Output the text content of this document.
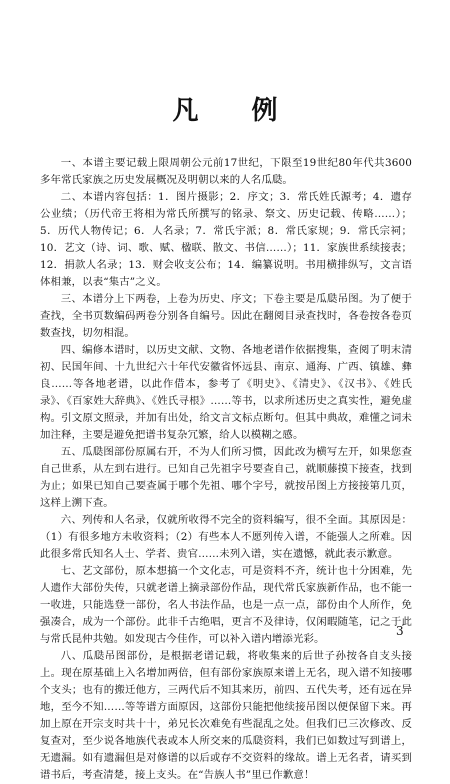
凡 例

一、本谱主要记载上限周朝公元前17世纪，下限至19世纪80年代共3600多年常氏家族之历史发展概况及明朝以来的人名瓜瓞。

二、本谱内容包括：1．图片摄影；2．序文；3．常氏姓氏源考；4．遗存公业绩；（历代帝王将相为常氏所撰写的铭录、祭文、历史记载、传略……）；5．历代人物传记；6．人名录；7．常氏宇派；8．常氏家规；9．常氏宗祠；10．艺文（诗、词、歌、赋、楹联、散文、书信……）；11．家族世系续接表；12．捐款人名录；13．财会收支公布；14．编纂说明。书用横排纵写，文言语体相兼，以表“集古”之义。

三、本谱分上下两卷，上卷为历史、序文；下卷主要是瓜瓞吊图。为了便于查找，全书页数编码两卷分别各自编号。因此在翻阅目录查找时，各卷按各卷页数查找，切勿相混。

四、编修本谱时，以历史文献、文物、各地老谱作依据搜集，查阅了明末清初、民国年间、十九世纪六十年代安徽省怀远县、南京、通海、广西、镇雄、彝良……等各地老谱，以此作借本，参考了《明史》、《清史》、《汉书》、《姓氏录》、《百家姓大辞典》、《姓氏寻根》……等书，以求所述历史之真实性，避免虚构。引文原文照录，并加有出处，给文言文标点断句。但其中典故，难懂之词未加注释，主要是避免把谱书复杂冗繁，给人以模糊之感。

五、瓜瓞图部份原属右开，不为人们所习惯，因此改为横写左开，如果您查自己世系，从左到右进行。已知自己先祖字号要查自己，就顺藤摸下接查，找到为止；如果已知自己要查属于哪个先祖、哪个字号，就按吊图上方接接第几页，这样上溯下查。

六、列传和人名录，仅就所收得不完全的资料编写，很不全面。其原因是：（1）有很多地方未收资料；（2）有些本人不愿列传入谱，不能强人之所难。因此很多常氏知名人士、学者、贵官……未列入谱，实在遗憾，就此表示歉意。

七、艺文部份，原本想搞一个文化志，可是资料不齐，统计也十分困难，先人遗作大部份失传，只就老谱上摘录部份作品，现代常氏家族新作品，也不能一一收进，只能选登一部份，名人书法作品，也是一点一点，部份由个人所作，免强凑合，成为一个部份。此非千古绝唱，更言不及律诗，仅闲暇随笔，记之于此与常氏昆仲共勉。如发现古今佳作，可以补入谱内增添光彩。

八、瓜瓞吊图部份，是根据老谱记载，将收集来的后世子孙按各自支头接上。现在原基础上入名增加两倍，但有部份家族原来谱上无名，现入谱不知接哪个支头；也有的搬迁他方，三两代后不知其来历，前四、五代失考，还有远在异地，至今不知……等等谱方面原因，这部份只能把他续接吊图以便保留下来。再加上原在开宗支时共十十，弟兄长次难免有些混乱之处。但我们已三次修改、反复查对，至少说各地族代表或本人所交来的瓜瓞资料，我们已如数过写到谱上，无遗漏。如有遗漏但是对修谱的以后或存不交资料的缘故。谱上无名者，请买到谱书后，考查清楚，接上支头。在“告族人书”里已作歉意！

3
